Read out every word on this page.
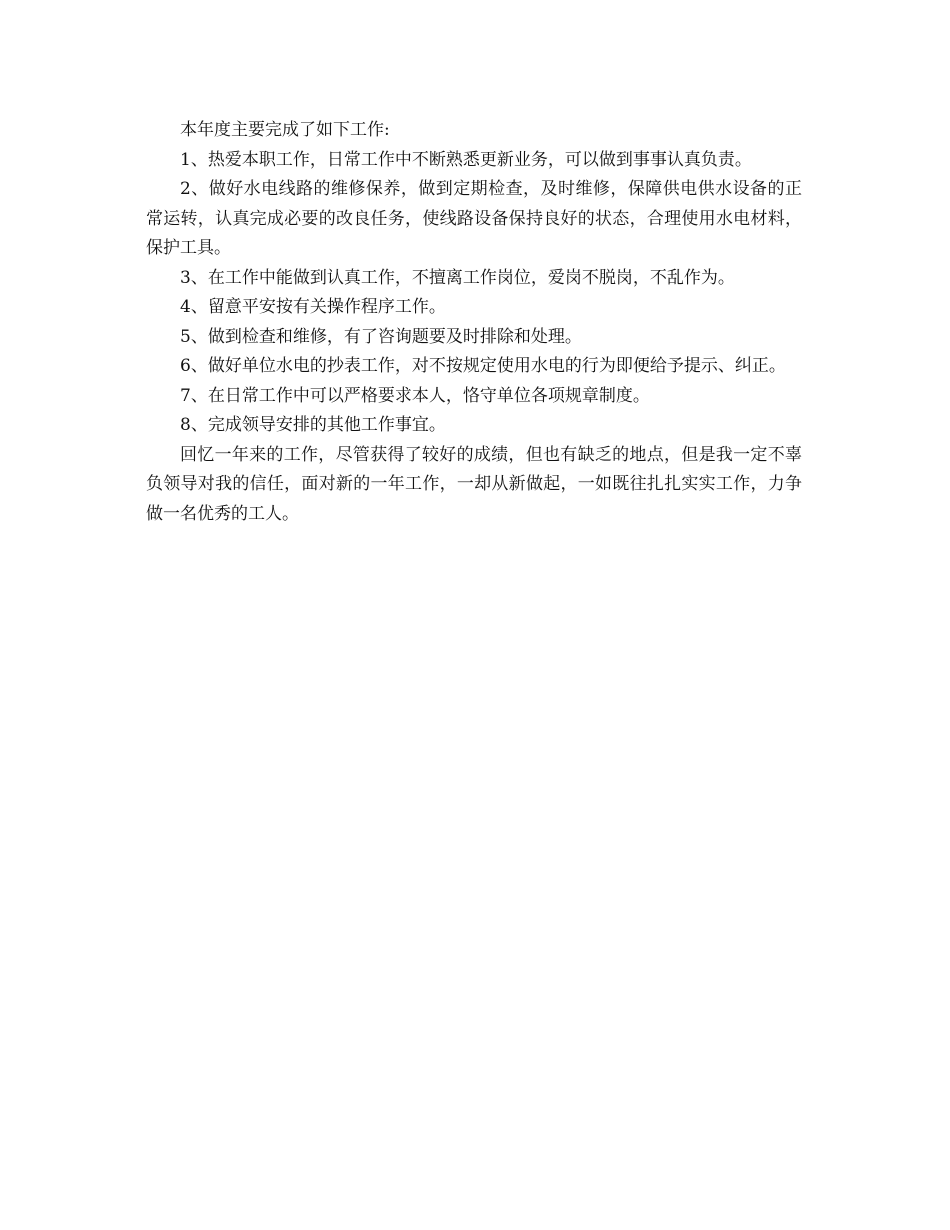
本年度主要完成了如下工作:

1、热爱本职工作，日常工作中不断熟悉更新业务，可以做到事事认真负责。

2、做好水电线路的维修保养，做到定期检查，及时维修，保障供电供水设备的正常运转，认真完成必要的改良任务，使线路设备保持良好的状态，合理使用水电材料，保护工具。

3、在工作中能做到认真工作，不擅离工作岗位，爱岗不脱岗，不乱作为。

4、留意平安按有关操作程序工作。

5、做到检查和维修，有了咨询题要及时排除和处理。

6、做好单位水电的抄表工作，对不按规定使用水电的行为即便给予提示、纠正。

7、在日常工作中可以严格要求本人，恪守单位各项规章制度。

8、完成领导安排的其他工作事宜。

回忆一年来的工作，尽管获得了较好的成绩，但也有缺乏的地点，但是我一定不辜负领导对我的信任，面对新的一年工作，一却从新做起，一如既往扎扎实实工作，力争做一名优秀的工人。
